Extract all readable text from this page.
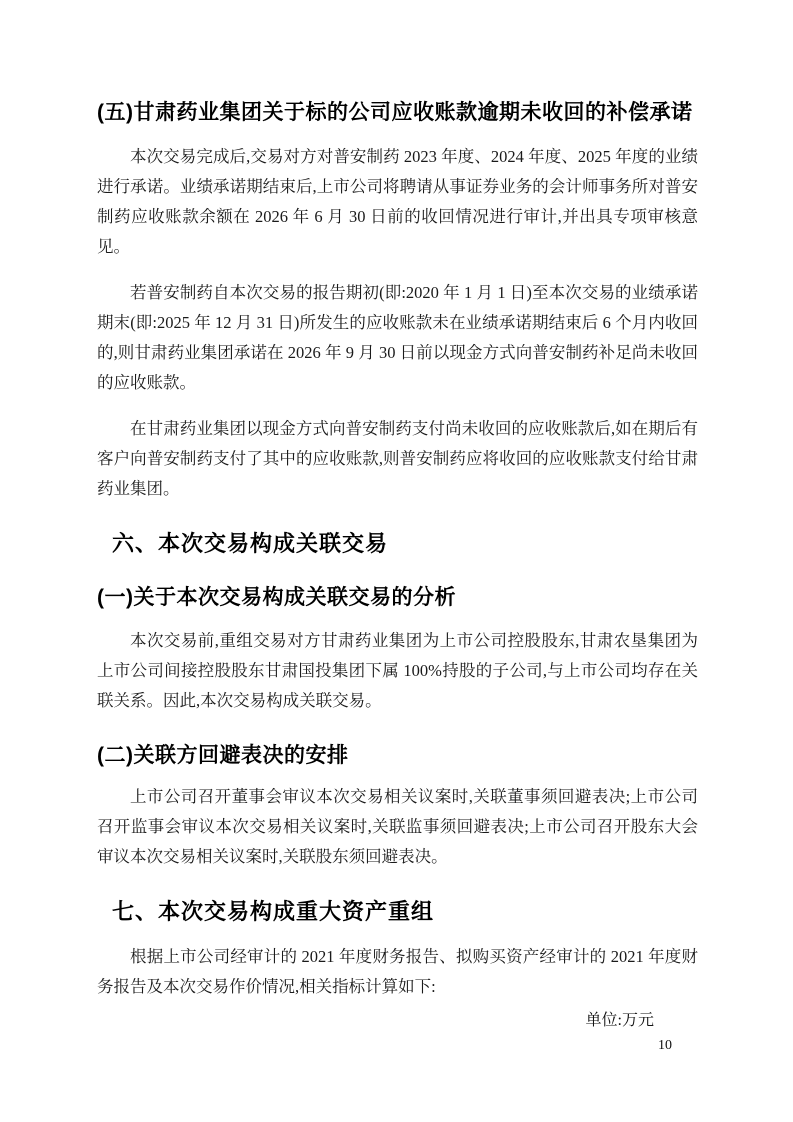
(五)甘肃药业集团关于标的公司应收账款逾期未收回的补偿承诺

本次交易完成后,交易对方对普安制药 2023 年度、2024 年度、2025 年度的业绩进行承诺。业绩承诺期结束后,上市公司将聘请从事证券业务的会计师事务所对普安制药应收账款余额在 2026 年 6 月 30 日前的收回情况进行审计,并出具专项审核意见。

若普安制药自本次交易的报告期初(即:2020 年 1 月 1 日)至本次交易的业绩承诺期末(即:2025 年 12 月 31 日)所发生的应收账款未在业绩承诺期结束后 6 个月内收回的,则甘肃药业集团承诺在 2026 年 9 月 30 日前以现金方式向普安制药补足尚未收回的应收账款。

在甘肃药业集团以现金方式向普安制药支付尚未收回的应收账款后,如在期后有客户向普安制药支付了其中的应收账款,则普安制药应将收回的应收账款支付给甘肃药业集团。

六、本次交易构成关联交易
(一)关于本次交易构成关联交易的分析

本次交易前,重组交易对方甘肃药业集团为上市公司控股股东,甘肃农垦集团为上市公司间接控股股东甘肃国投集团下属 100%持股的子公司,与上市公司均存在关联关系。因此,本次交易构成关联交易。

(二)关联方回避表决的安排

上市公司召开董事会审议本次交易相关议案时,关联董事须回避表决;上市公司召开监事会审议本次交易相关议案时,关联监事须回避表决;上市公司召开股东大会审议本次交易相关议案时,关联股东须回避表决。

七、本次交易构成重大资产重组

根据上市公司经审计的 2021 年度财务报告、拟购买资产经审计的 2021 年度财务报告及本次交易作价情况,相关指标计算如下:

单位:万元
10
